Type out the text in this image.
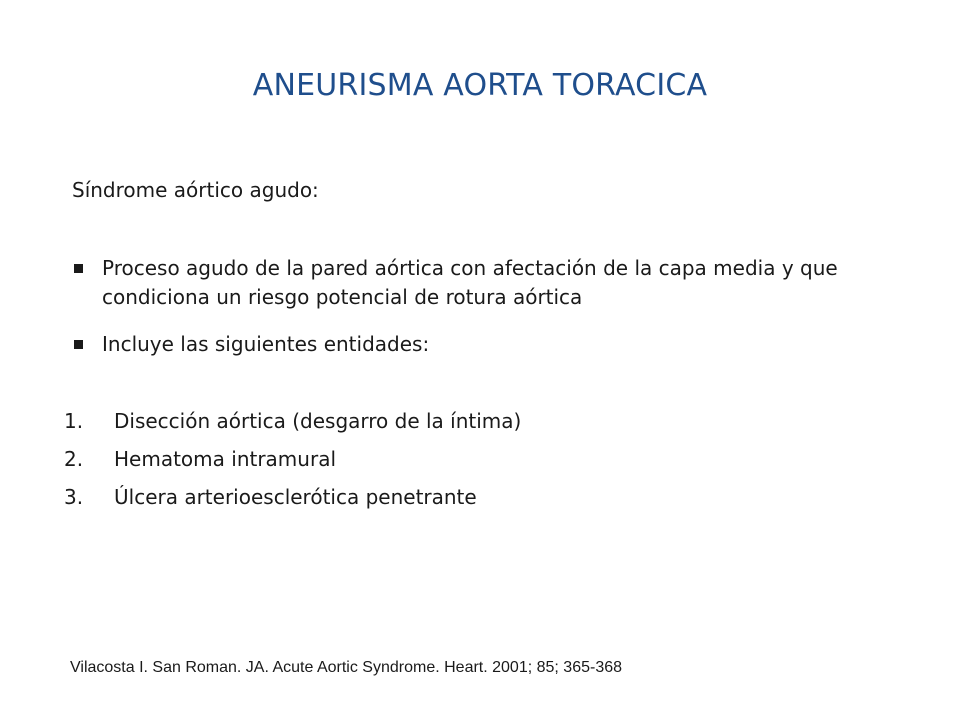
ANEURISMA AORTA TORACICA
Síndrome aórtico agudo:
Proceso agudo de la pared aórtica con afectación de la capa media y que condiciona un riesgo potencial de rotura aórtica
Incluye las siguientes entidades:
1.	Disección aórtica (desgarro de la íntima)
2.	Hematoma intramural
3.	Úlcera arterioesclerótica penetrante
Vilacosta I. San Roman. JA. Acute Aortic Syndrome. Heart. 2001; 85; 365-368
